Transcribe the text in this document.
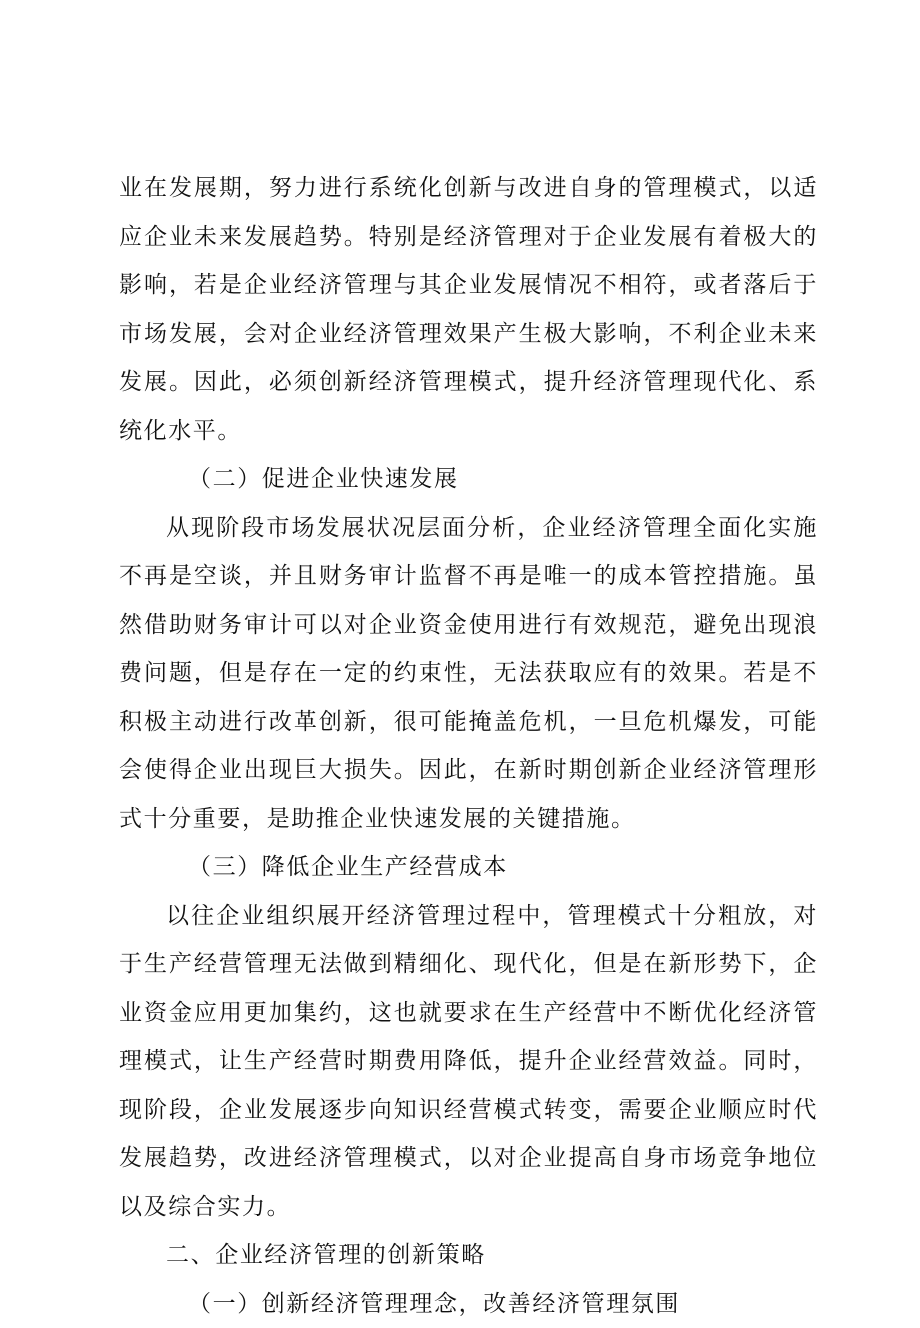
业在发展期，努力进行系统化创新与改进自身的管理模式，以适应企业未来发展趋势。特别是经济管理对于企业发展有着极大的影响，若是企业经济管理与其企业发展情况不相符，或者落后于市场发展，会对企业经济管理效果产生极大影响，不利企业未来发展。因此，必须创新经济管理模式，提升经济管理现代化、系统化水平。

（二）促进企业快速发展

从现阶段市场发展状况层面分析，企业经济管理全面化实施不再是空谈，并且财务审计监督不再是唯一的成本管控措施。虽然借助财务审计可以对企业资金使用进行有效规范，避免出现浪费问题，但是存在一定的约束性，无法获取应有的效果。若是不积极主动进行改革创新，很可能掩盖危机，一旦危机爆发，可能会使得企业出现巨大损失。因此，在新时期创新企业经济管理形式十分重要，是助推企业快速发展的关键措施。

（三）降低企业生产经营成本

以往企业组织展开经济管理过程中，管理模式十分粗放，对于生产经营管理无法做到精细化、现代化，但是在新形势下，企业资金应用更加集约，这也就要求在生产经营中不断优化经济管理模式，让生产经营时期费用降低，提升企业经营效益。同时，现阶段，企业发展逐步向知识经营模式转变，需要企业顺应时代发展趋势，改进经济管理模式，以对企业提高自身市场竞争地位以及综合实力。

二、企业经济管理的创新策略

（一）创新经济管理理念，改善经济管理氛围
